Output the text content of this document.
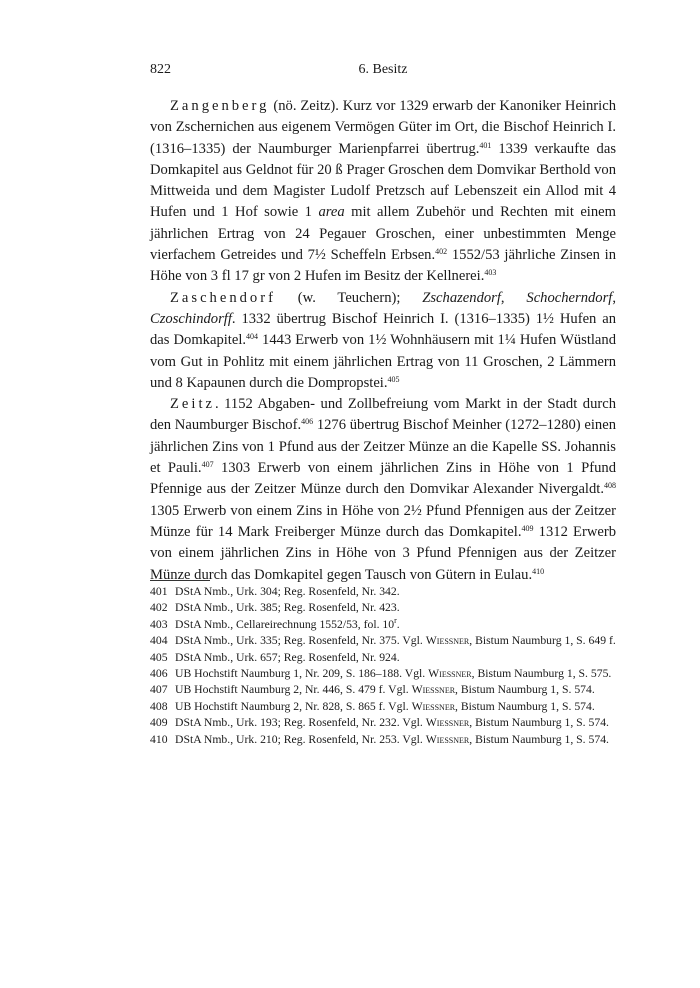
822	6. Besitz

Zangenberg (nö. Zeitz). Kurz vor 1329 erwarb der Kanoniker Heinrich von Zschernichen aus eigenem Vermögen Güter im Ort, die Bischof Heinrich I. (1316–1335) der Naumburger Marienpfarrei übertrug.$^{401}$ 1339 verkaufte das Domkapitel aus Geldnot für 20 ß Prager Groschen dem Domvikar Berthold von Mittweida und dem Magister Ludolf Pretzsch auf Lebenszeit ein Allod mit 4 Hufen und 1 Hof sowie 1 area mit allem Zubehör und Rechten mit einem jährlichen Ertrag von 24 Pegauer Groschen, einer unbestimmten Menge vierfachem Getreides und 7½ Scheffeln Erbsen.$^{402}$ 1552/53 jährliche Zinsen in Höhe von 3 fl 17 gr von 2 Hufen im Besitz der Kellnerei.$^{403}$

Zaschendorf (w. Teuchern); Zschazendorf, Schocherndorf, Czoschindorff. 1332 übertrug Bischof Heinrich I. (1316–1335) 1½ Hufen an das Domkapitel.$^{404}$ 1443 Erwerb von 1½ Wohnhäusern mit 1¼ Hufen Wüstland vom Gut in Pohlitz mit einem jährlichen Ertrag von 11 Groschen, 2 Lämmern und 8 Kapaunen durch die Dompropstei.$^{405}$

Zeitz. 1152 Abgaben- und Zollbefreiung vom Markt in der Stadt durch den Naumburger Bischof.$^{406}$ 1276 übertrug Bischof Meinher (1272–1280) einen jährlichen Zins von 1 Pfund aus der Zeitzer Münze an die Kapelle SS. Johannis et Pauli.$^{407}$ 1303 Erwerb von einem jährlichen Zins in Höhe von 1 Pfund Pfennige aus der Zeitzer Münze durch den Domvikar Alexander Nivergaldt.$^{408}$ 1305 Erwerb von einem Zins in Höhe von 2½ Pfund Pfennigen aus der Zeitzer Münze für 14 Mark Freiberger Münze durch das Domkapitel.$^{409}$ 1312 Erwerb von einem jährlichen Zins in Höhe von 3 Pfund Pfennigen aus der Zeitzer Münze durch das Domkapitel gegen Tausch von Gütern in Eulau.$^{410}$

401 DStA Nmb., Urk. 304; Reg. Rosenfeld, Nr. 342.
402 DStA Nmb., Urk. 385; Reg. Rosenfeld, Nr. 423.
403 DStA Nmb., Cellareirechnung 1552/53, fol. 10$^r$.
404 DStA Nmb., Urk. 335; Reg. Rosenfeld, Nr. 375. Vgl. Wiessner, Bistum Naumburg 1, S. 649 f.
405 DStA Nmb., Urk. 657; Reg. Rosenfeld, Nr. 924.
406 UB Hochstift Naumburg 1, Nr. 209, S. 186–188. Vgl. Wiessner, Bistum Naumburg 1, S. 575.
407 UB Hochstift Naumburg 2, Nr. 446, S. 479 f. Vgl. Wiessner, Bistum Naumburg 1, S. 574.
408 UB Hochstift Naumburg 2, Nr. 828, S. 865 f. Vgl. Wiessner, Bistum Naumburg 1, S. 574.
409 DStA Nmb., Urk. 193; Reg. Rosenfeld, Nr. 232. Vgl. Wiessner, Bistum Naumburg 1, S. 574.
410 DStA Nmb., Urk. 210; Reg. Rosenfeld, Nr. 253. Vgl. Wiessner, Bistum Naumburg 1, S. 574.
